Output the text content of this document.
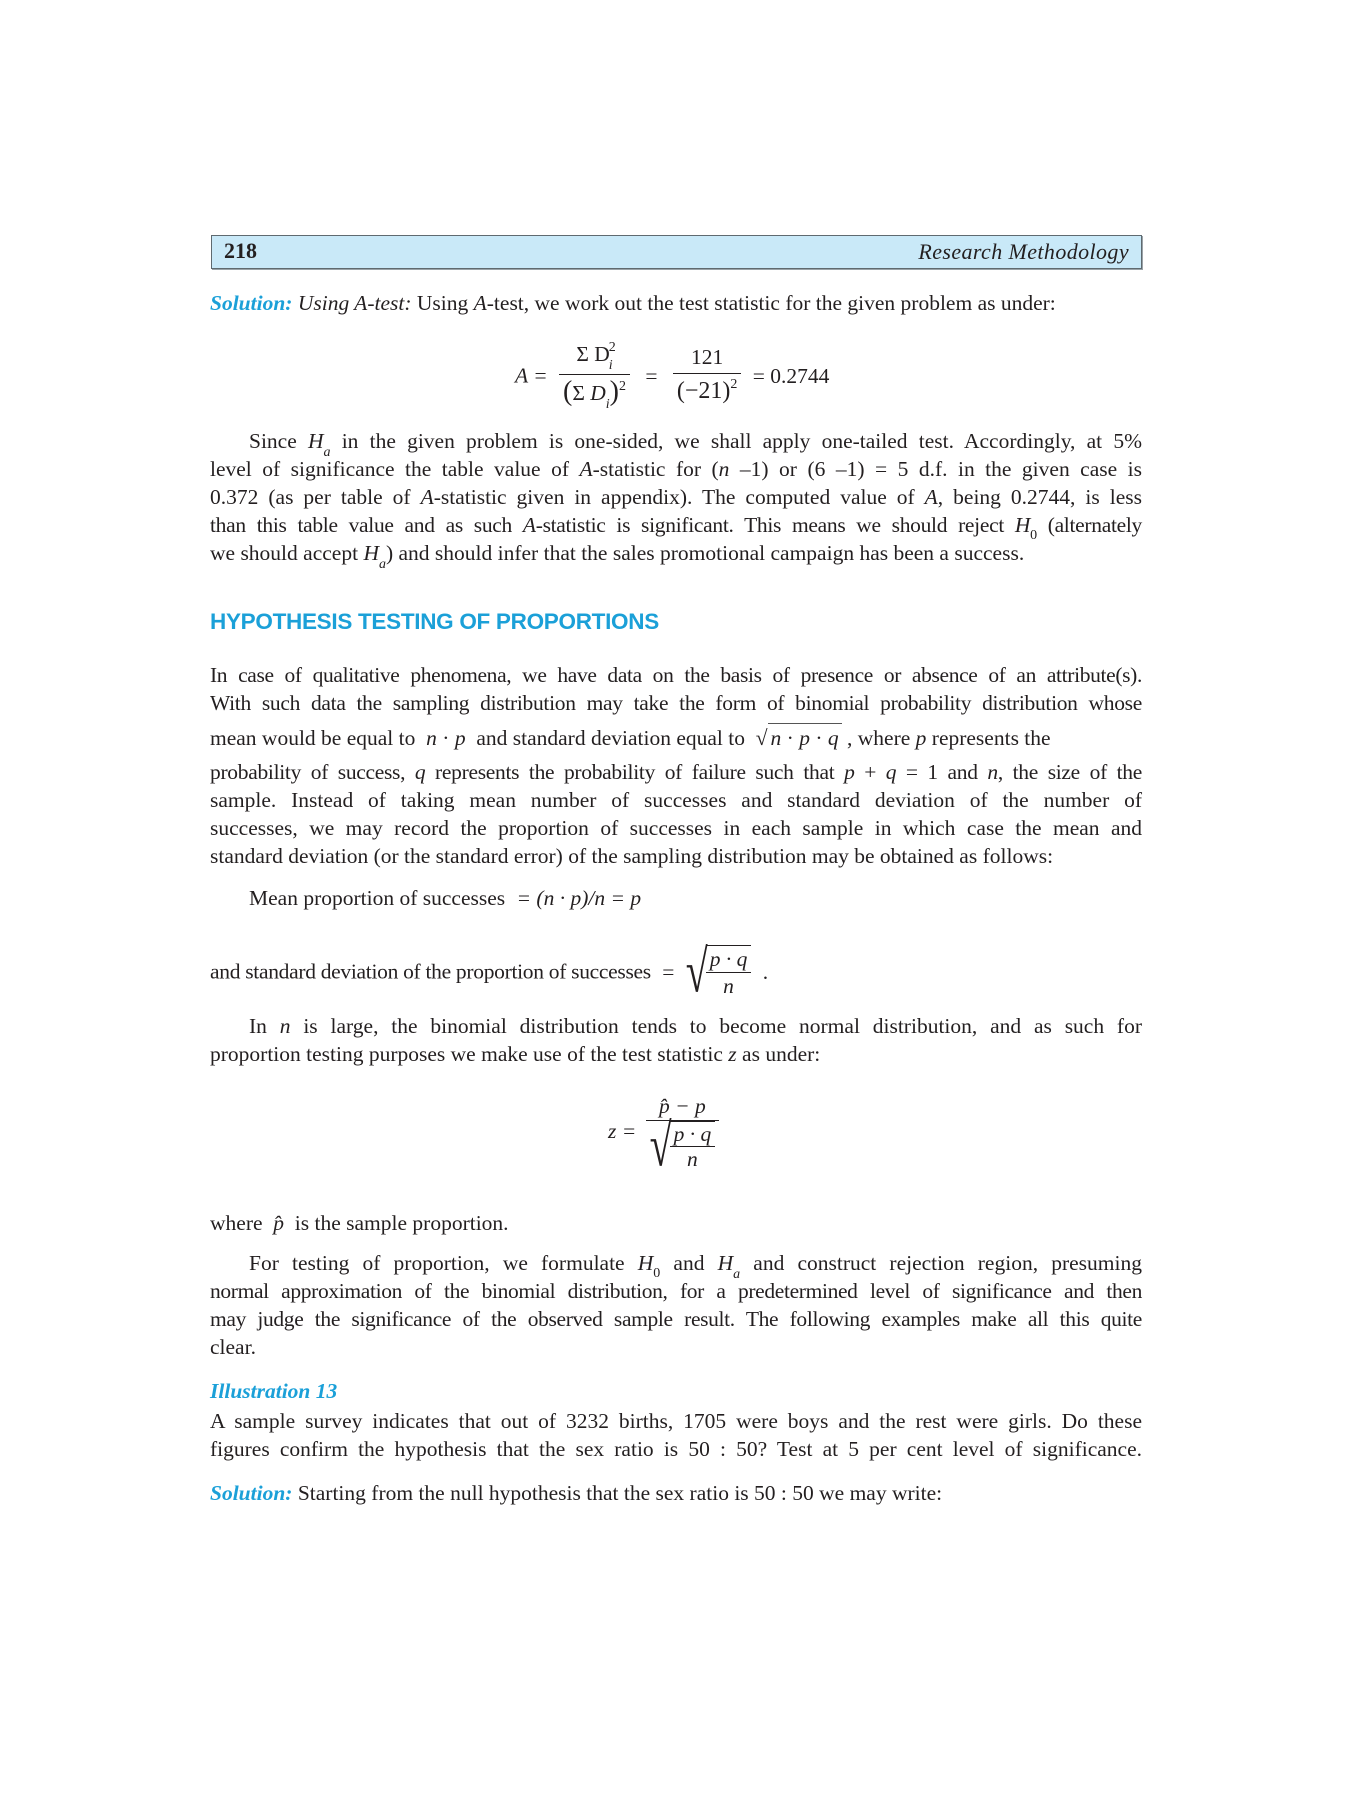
218	Research Methodology
Solution: Using A-test: Using A-test, we work out the test statistic for the given problem as under:
$A = \frac{\Sigma D^2_i}{(\Sigma D_i)^2} = \frac{121}{(-21)^2} = 0.2744$
Since $H_a$ in the given problem is one-sided, we shall apply one-tailed test. Accordingly, at 5%
level of significance the table value of A-statistic for (n –1) or (6 –1) = 5 d.f. in the given case is
0.372 (as per table of A-statistic given in appendix). The computed value of A, being 0.2744, is less
than this table value and as such A-statistic is significant. This means we should reject $H_0$ (alternately
we should accept $H_a$) and should infer that the sales promotional campaign has been a success.
HYPOTHESIS TESTING OF PROPORTIONS
In case of qualitative phenomena, we have data on the basis of presence or absence of an attribute(s).
With such data the sampling distribution may take the form of binomial probability distribution whose
mean would be equal to  n · p  and standard deviation equal to  √ n · p · q , where p represents the
probability of success, q represents the probability of failure such that p + q = 1 and n, the size of the
sample. Instead of taking mean number of successes and standard deviation of the number of
successes, we may record the proportion of successes in each sample in which case the mean and
standard deviation (or the standard error) of the sampling distribution may be obtained as follows:
Mean proportion of successes = (n · p)/n = p
and standard deviation of the proportion of successes = √
$\frac{p \cdot q}{n}$ .
In n is large, the binomial distribution tends to become normal distribution, and as such for
proportion testing purposes we make use of the test statistic z as under:
z = p̂ − p
√
$\frac{p \cdot q}{n}$
where  p̂  is the sample proportion.
For testing of proportion, we formulate $H_0$ and $H_a$ and construct rejection region, presuming
normal approximation of the binomial distribution, for a predetermined level of significance and then
may judge the significance of the observed sample result. The following examples make all this quite
clear.
Illustration 13
A sample survey indicates that out of 3232 births, 1705 were boys and the rest were girls. Do these
figures confirm the hypothesis that the sex ratio is 50 : 50? Test at 5 per cent level of significance.
Solution: Starting from the null hypothesis that the sex ratio is 50 : 50 we may write:
